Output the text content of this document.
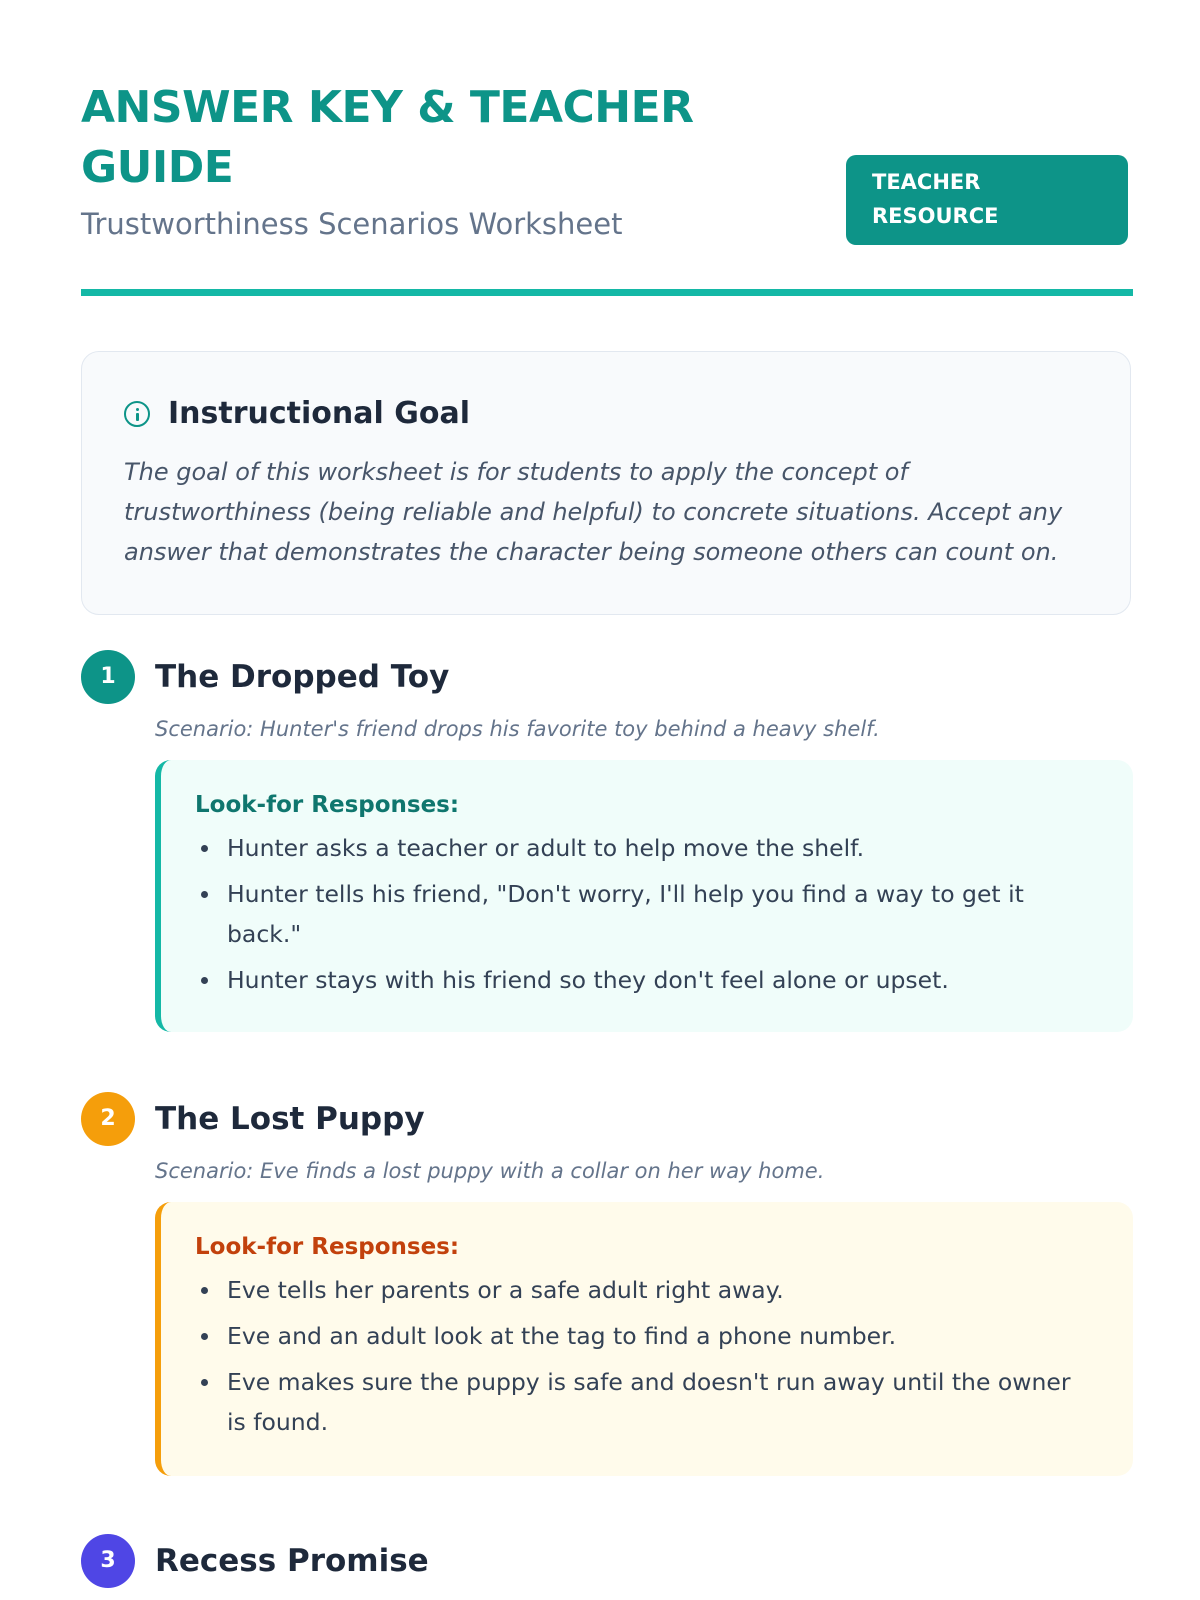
ANSWER KEY & TEACHER GUIDE

Trustworthiness Scenarios Worksheet

TEACHER RESOURCE
Instructional Goal

The goal of this worksheet is for students to apply the concept of trustworthiness (being reliable and helpful) to concrete situations. Accept any answer that demonstrates the character being someone others can count on.

1	The Dropped Toy

Scenario: Hunter's friend drops his favorite toy behind a heavy shelf.

Look-for Responses:

Hunter asks a teacher or adult to help move the shelf.
Hunter tells his friend, "Don't worry, I'll help you find a way to get it back."
Hunter stays with his friend so they don't feel alone or upset.
2	The Lost Puppy

Scenario: Eve finds a lost puppy with a collar on her way home.

Look-for Responses:

Eve tells her parents or a safe adult right away.
Eve and an adult look at the tag to find a phone number.
Eve makes sure the puppy is safe and doesn't run away until the owner is found.
3	Recess Promise
